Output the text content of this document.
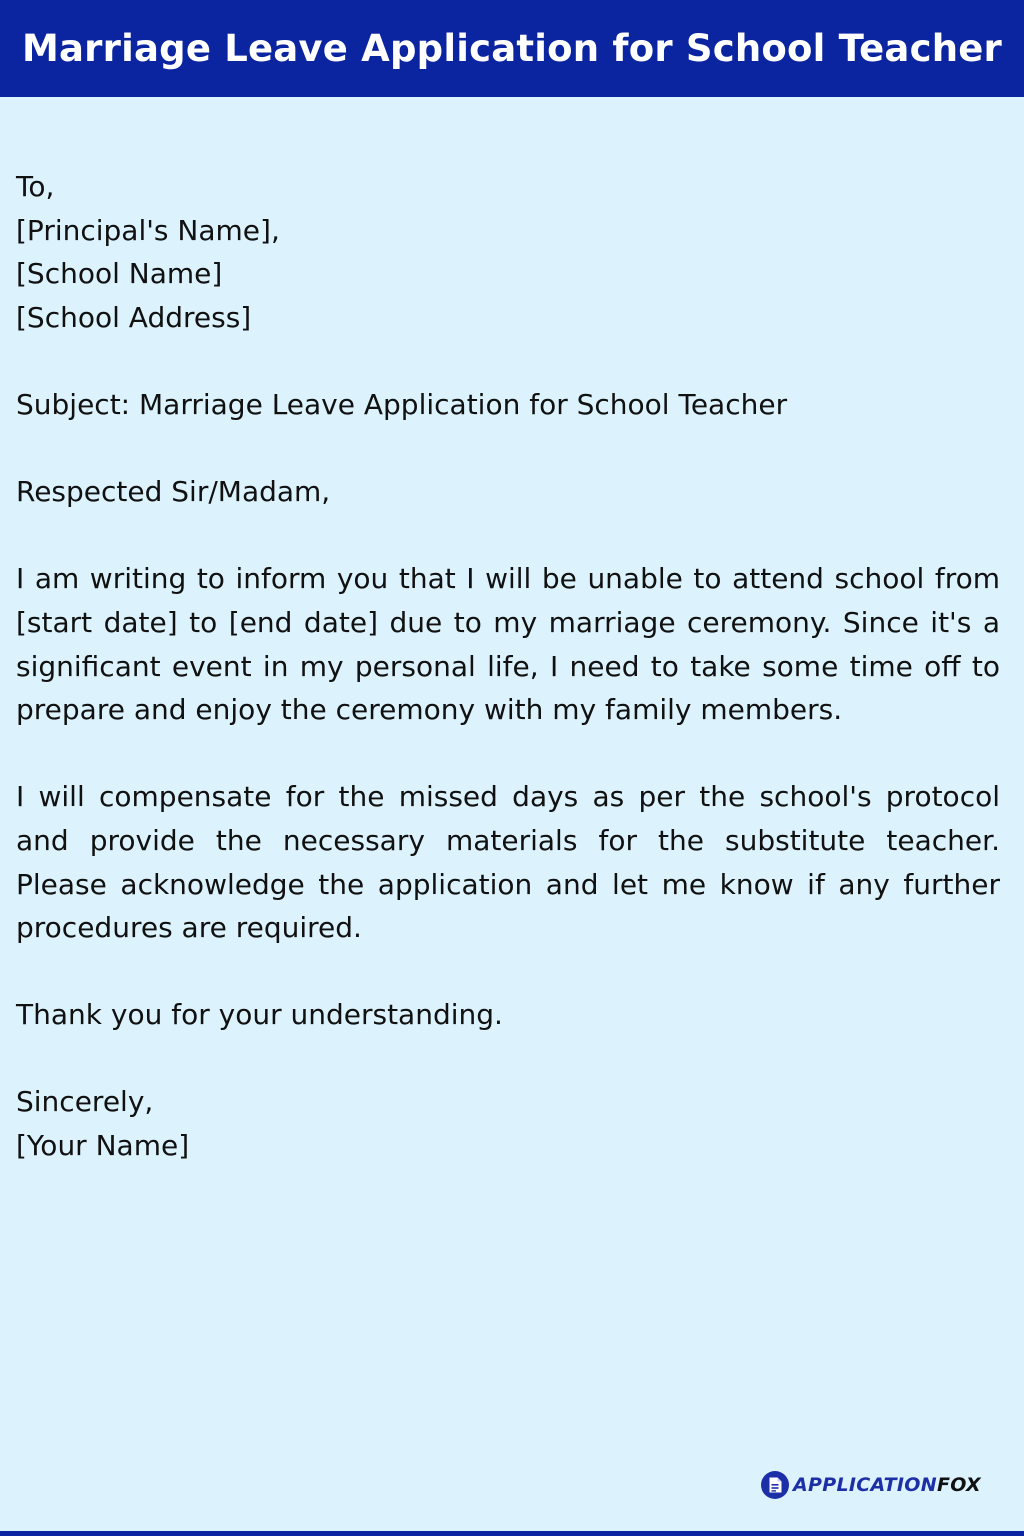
Marriage Leave Application for School Teacher

To,

[Principal's Name],

[School Name]

[School Address]

Subject: Marriage Leave Application for School Teacher

Respected Sir/Madam,

I am writing to inform you that I will be unable to attend school from [start date] to [end date] due to my marriage ceremony. Since it's a significant event in my personal life, I need to take some time off to prepare and enjoy the ceremony with my family members.

I will compensate for the missed days as per the school's protocol and provide the necessary materials for the substitute teacher. Please acknowledge the application and let me know if any further procedures are required.

Thank you for your understanding.

Sincerely,

[Your Name]

APPLICATIONFOX
